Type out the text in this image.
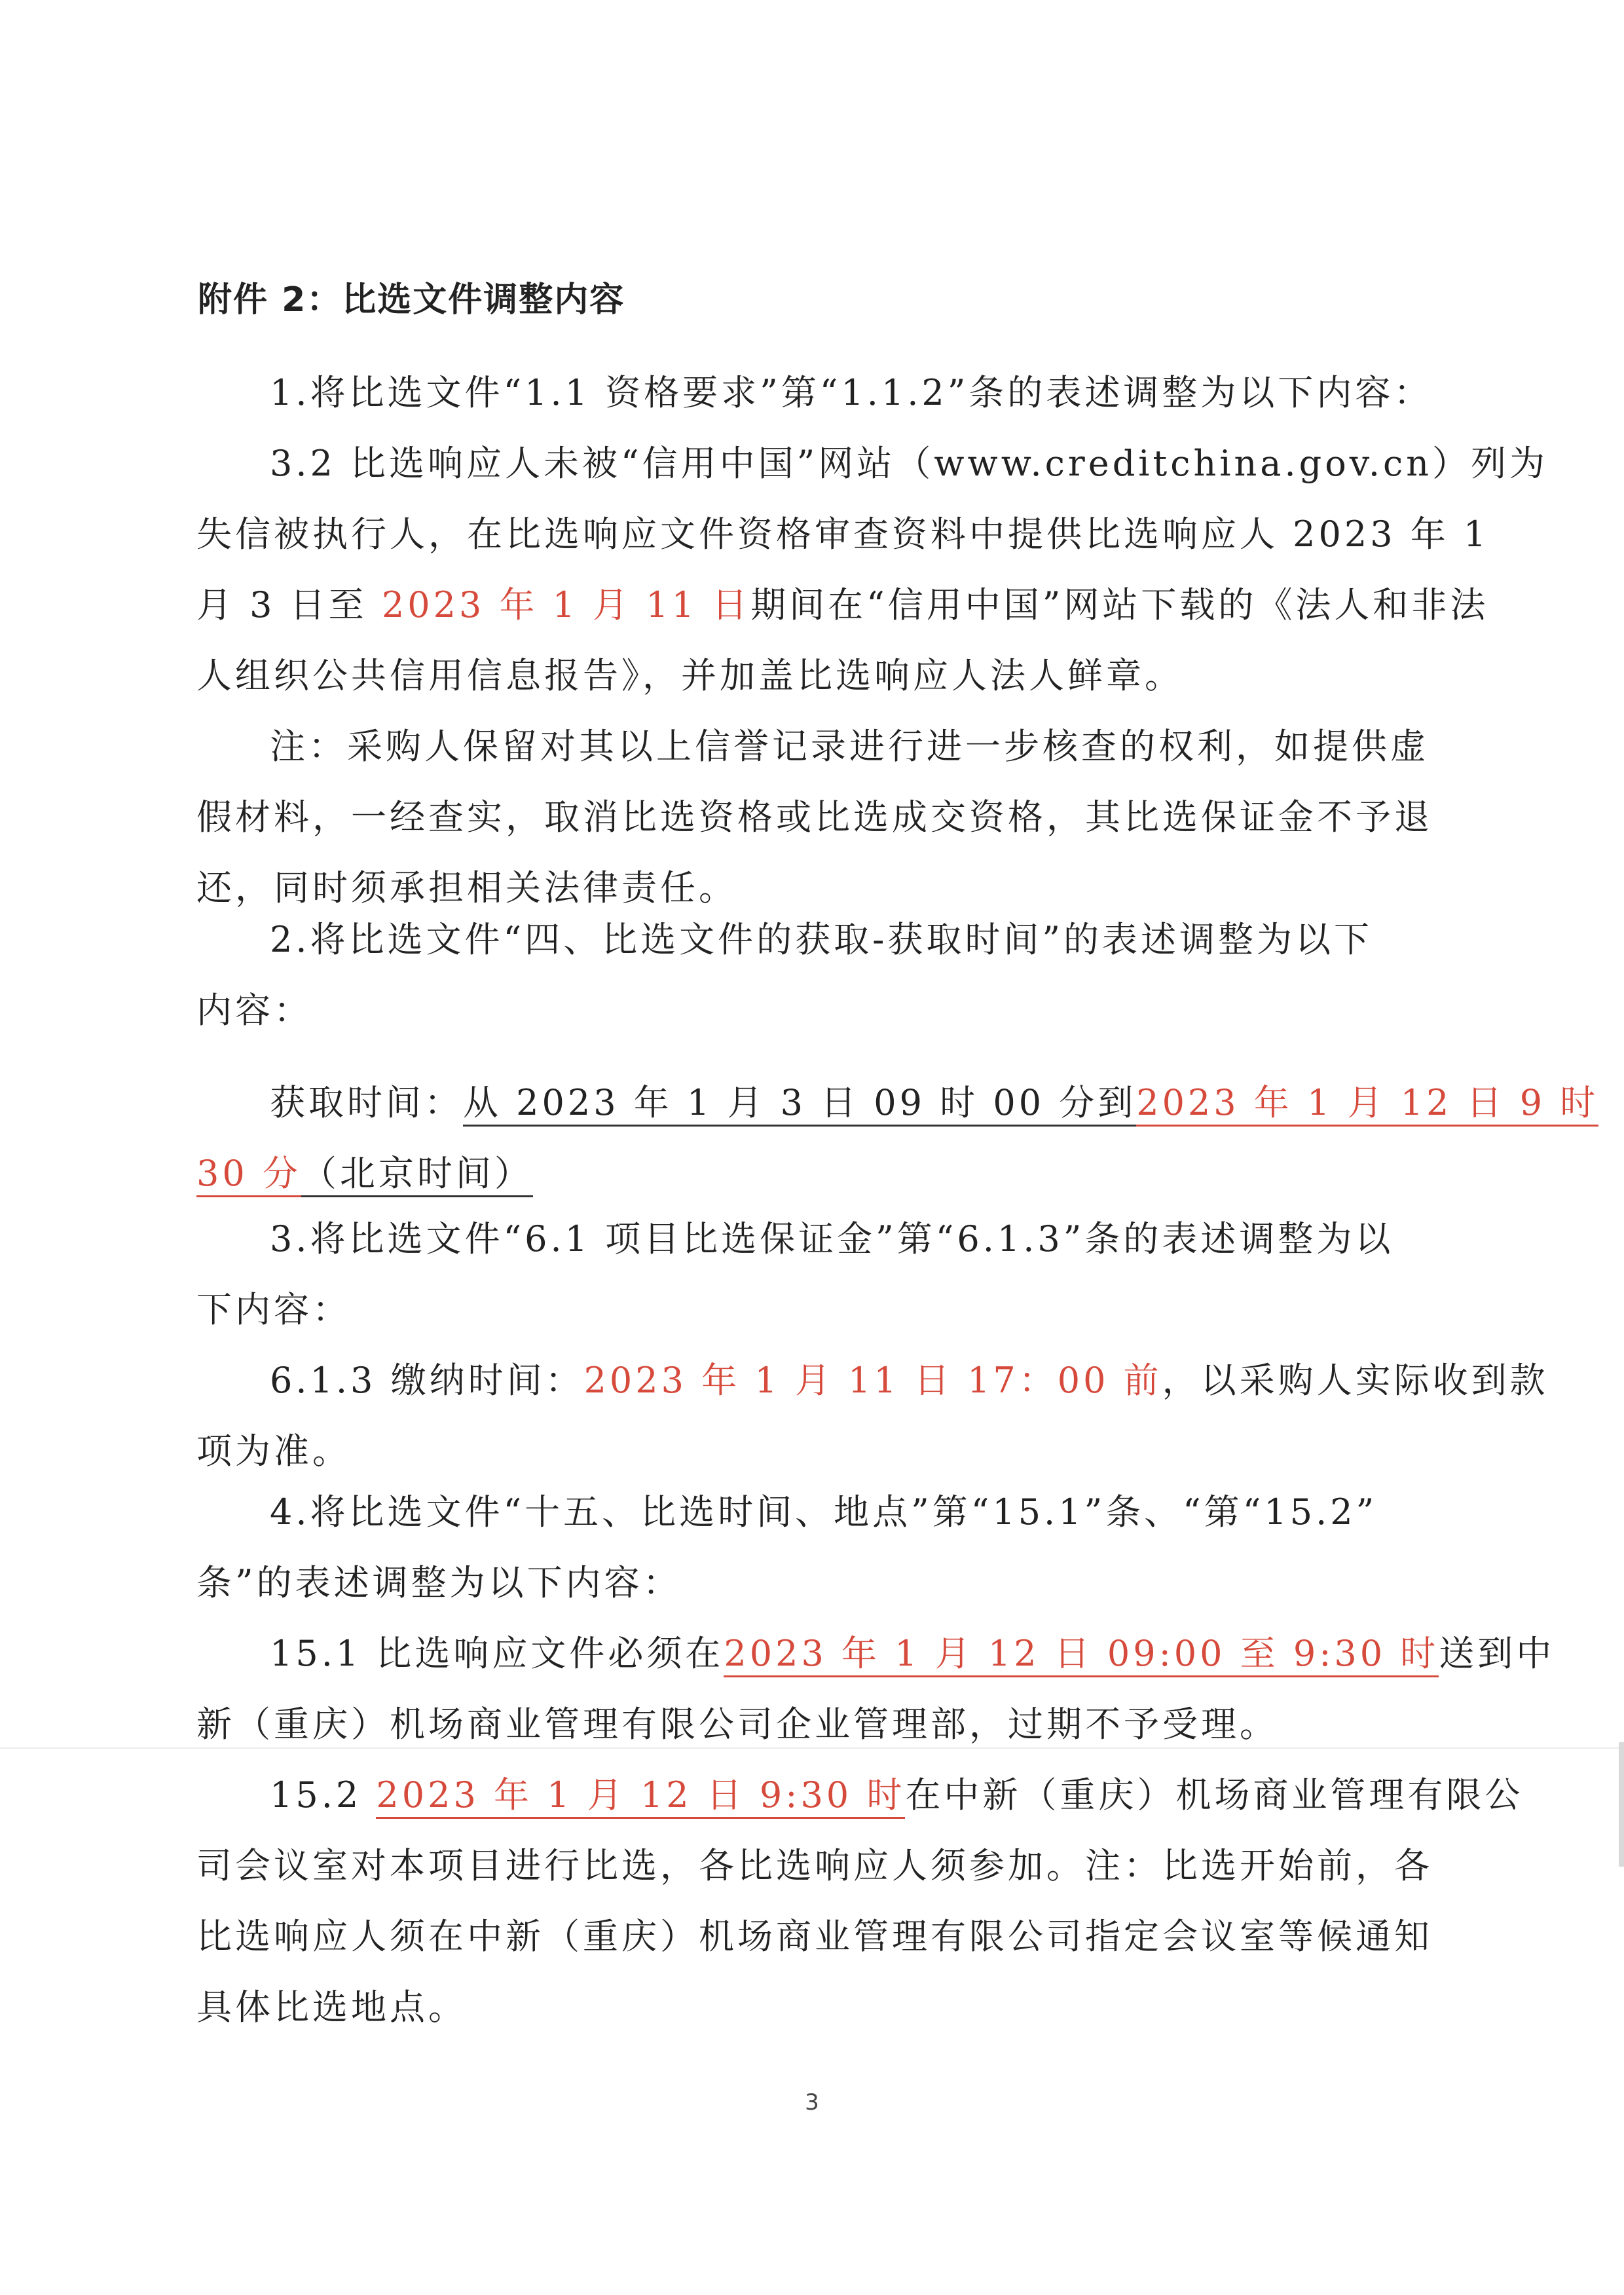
附件 2：比选文件调整内容
1.将比选文件“1.1 资格要求”第“1.1.2”条的表述调整为以下内容：
3.2 比选响应人未被“信用中国”网站（www.creditchina.gov.cn）列为
失信被执行人，在比选响应文件资格审查资料中提供比选响应人 2023 年 1
月 3 日至 2023 年 1 月 11 日期间在“信用中国”网站下载的《法人和非法
人组织公共信用信息报告》，并加盖比选响应人法人鲜章。
注：采购人保留对其以上信誉记录进行进一步核查的权利，如提供虚
假材料，一经查实，取消比选资格或比选成交资格，其比选保证金不予退
还，同时须承担相关法律责任。
2.将比选文件“四、比选文件的获取-获取时间”的表述调整为以下
内容：
获取时间：从 2023 年 1 月 3 日 09 时 00 分到2023 年 1 月 12 日 9 时
30 分（北京时间）
3.将比选文件“6.1 项目比选保证金”第“6.1.3”条的表述调整为以
下内容：
6.1.3 缴纳时间：2023 年 1 月 11 日 17：00 前，以采购人实际收到款
项为准。
4.将比选文件“十五、比选时间、地点”第“15.1”条、“第“15.2”
条”的表述调整为以下内容：
15.1 比选响应文件必须在2023 年 1 月 12 日 09:00 至 9:30 时送到中
新（重庆）机场商业管理有限公司企业管理部，过期不予受理。
15.2 2023 年 1 月 12 日 9:30 时在中新（重庆）机场商业管理有限公
司会议室对本项目进行比选，各比选响应人须参加。注：比选开始前，各
比选响应人须在中新（重庆）机场商业管理有限公司指定会议室等候通知
具体比选地点。
3
